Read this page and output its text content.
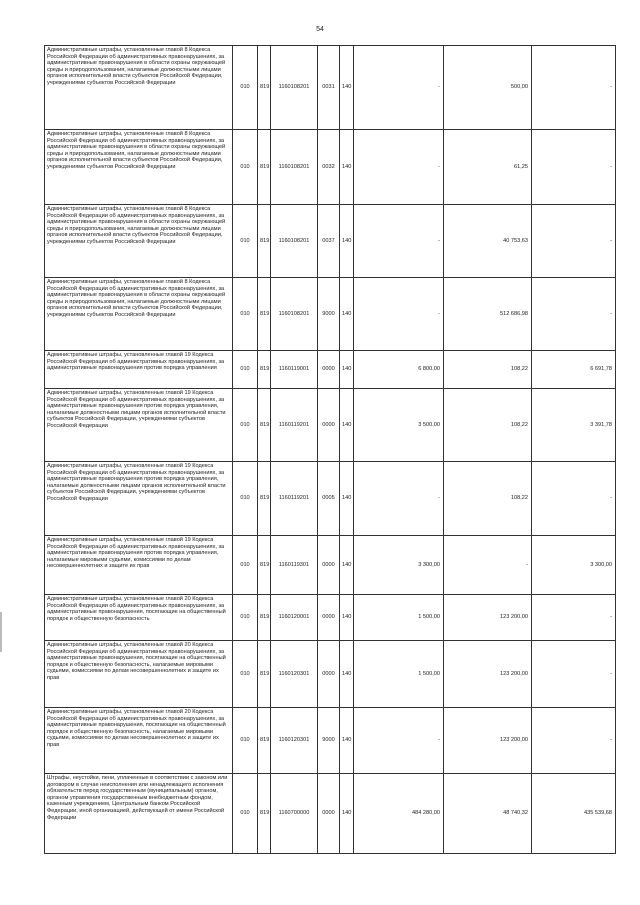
54
Административные штрафы, установленные главой 8 Кодекса Российской Федерации об административных правонарушениях, за административные правонарушения в области охраны окружающей среды и природопользования, налагаемые должностными лицами органов исполнительной власти субъектов Российской Федерации, учреждениями субъектов Российской Федерации	010	819	1160108201	0031	140	-	500,00	-
Административные штрафы, установленные главой 8 Кодекса Российской Федерации об административных правонарушениях, за административные правонарушения в области охраны окружающей среды и природопользования, налагаемые должностными лицами органов исполнительной власти субъектов Российской Федерации, учреждениями субъектов Российской Федерации	010	819	1160108201	0032	140	-	61,25	-
Административные штрафы, установленные главой 8 Кодекса Российской Федерации об административных правонарушениях, за административные правонарушения в области охраны окружающей среды и природопользования, налагаемые должностными лицами органов исполнительной власти субъектов Российской Федерации, учреждениями субъектов Российской Федерации	010	819	1160108201	0037	140	-	40 753,63	-
Административные штрафы, установленные главой 8 Кодекса Российской Федерации об административных правонарушениях, за административные правонарушения в области охраны окружающей среды и природопользования, налагаемые должностными лицами органов исполнительной власти субъектов Российской Федерации, учреждениями субъектов Российской Федерации	010	819	1160108201	9000	140	-	512 686,98	-
Административные штрафы, установленные главой 19 Кодекса Российской Федерации об административных правонарушениях, за административные правонарушения против порядка управления	010	819	1160119001	0000	140	6 800,00	108,22	6 691,78
Административные штрафы, установленные главой 19 Кодекса Российской Федерации об административных правонарушениях, за административные правонарушения против порядка управления, налагаемые должностными лицами органов исполнительной власти субъектов Российской Федерации, учреждениями субъектов Российской Федерации	010	819	1160119201	0000	140	3 500,00	108,22	3 391,78
Административные штрафы, установленные главой 19 Кодекса Российской Федерации об административных правонарушениях, за административные правонарушения против порядка управления, налагаемые должностными лицами органов исполнительной власти субъектов Российской Федерации, учреждениями субъектов Российской Федерации	010	819	1160119201	0005	140	-	108,22	-
Административные штрафы, установленные главой 19 Кодекса Российской Федерации об административных правонарушениях, за административные правонарушения против порядка управления, налагаемые мировыми судьями, комиссиями по делам несовершеннолетних и защите их прав	010	819	1160119301	0000	140	3 300,00	-	3 300,00
Административные штрафы, установленные главой 20 Кодекса Российской Федерации об административных правонарушениях, за административные правонарушения, посягающие на общественный порядок и общественную безопасность	010	819	1160120001	0000	140	1 500,00	123 200,00	-
Административные штрафы, установленные главой 20 Кодекса Российской Федерации об административных правонарушениях, за административные правонарушения, посягающие на общественный порядок и общественную безопасность, налагаемые мировыми судьями, комиссиями по делам несовершеннолетних и защите их прав	010	819	1160120301	0000	140	1 500,00	123 200,00	-
Административные штрафы, установленные главой 20 Кодекса Российской Федерации об административных правонарушениях, за административные правонарушения, посягающие на общественный порядок и общественную безопасность, налагаемые мировыми судьями, комиссиями по делам несовершеннолетних и защите их прав	010	819	1160120301	9000	140	-	123 200,00	-
Штрафы, неустойки, пени, уплаченные в соответствии с законом или договором в случае неисполнения или ненадлежащего исполнения обязательств перед государственным (муниципальным) органом, органом управления государственным внебюджетным фондом, казенным учреждением, Центральным банком Российской Федерации, иной организацией, действующей от имени Российской Федерации	010	819	1160700000	0000	140	484 280,00	48 740,32	435 539,68
